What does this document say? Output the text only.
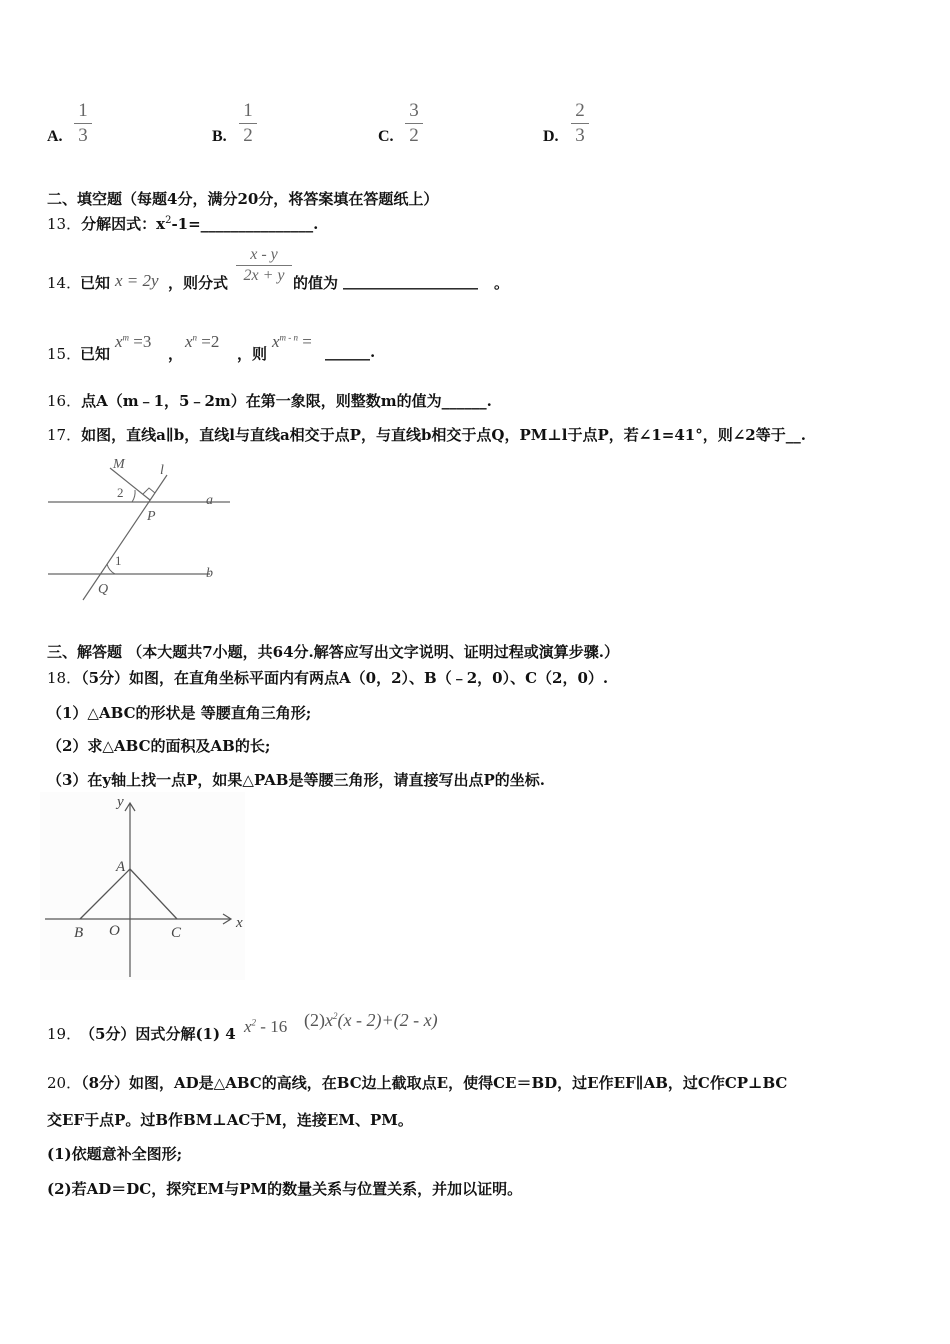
A.
1
3	B.
1
2	C.
3
2	D.
2
3
二、填空题（每题4分，满分20分，将答案填在答题纸上）
13．分解因式：$x^2-1=\_\_\_\_\_\_\_\_\_\_\_\_\_\_\_$.
14．
已知 x = 2y ，则分式
x - y
2x + y 的值为 __________________ 。
15．
已知
$x^m =3$
，
$x^n =2$
，则
$x^{m - n}$ =
______.
16．点A（m﹣1，5﹣2m）在第一象限，则整数m的值为______.
17．如图，直线a∥b，直线l与直线a相交于点P，与直线b相交于点Q，PM⊥l于点P，若∠1=41°，则∠2等于__.
M	l
a
b
P
Q
1
2
三、解答题 （本大题共7小题，共64分.解答应写出文字说明、证明过程或演算步骤.）
18．（5分）如图，在直角坐标平面内有两点A（0，2）、B（﹣2，0）、C（2，0）.
（1）△ABC的形状是 等腰直角三角形;
（2）求△ABC的面积及AB的长;
（3）在y轴上找一点P，如果△PAB是等腰三角形，请直接写出点P的坐标.
y
x
A
B O	C
19．
（5分）因式分解(1) 4 $x^2 - 16$ $(2)x^2(x - 2)+(2 - x)$
20．（8分）如图，AD是△ABC的高线，在BC边上截取点E，使得CE＝BD，过E作EF∥AB，过C作CP⊥BC
交EF于点P。过B作BM⊥AC于M，连接EM、PM。
(1)依题意补全图形;
(2)若AD＝DC，探究EM与PM的数量关系与位置关系，并加以证明。
